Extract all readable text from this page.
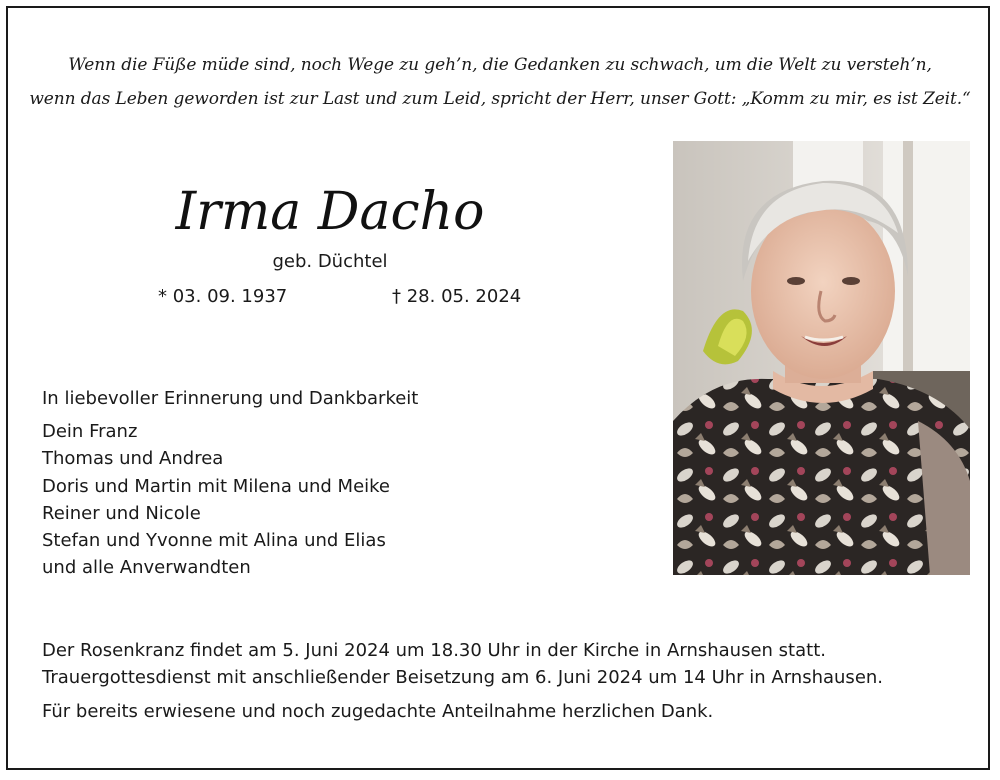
Wenn die Füße müde sind, noch Wege zu geh’n, die Gedanken zu schwach, um die Welt zu versteh’n,
wenn das Leben geworden ist zur Last und zum Leid, spricht der Herr, unser Gott: „Komm zu mir, es ist Zeit.“
Irma Dacho
geb. Düchtel
* 03. 09. 1937	† 28. 05. 2024
In liebevoller Erinnerung und Dankbarkeit
Dein Franz
Thomas und Andrea
Doris und Martin mit Milena und Meike
Reiner und Nicole
Stefan und Yvonne mit Alina und Elias
und alle Anverwandten
Der Rosenkranz findet am 5. Juni 2024 um 18.30 Uhr in der Kirche in Arnshausen statt.
Trauergottesdienst mit anschließender Beisetzung am 6. Juni 2024 um 14 Uhr in Arnshausen.
Für bereits erwiesene und noch zugedachte Anteilnahme herzlichen Dank.
